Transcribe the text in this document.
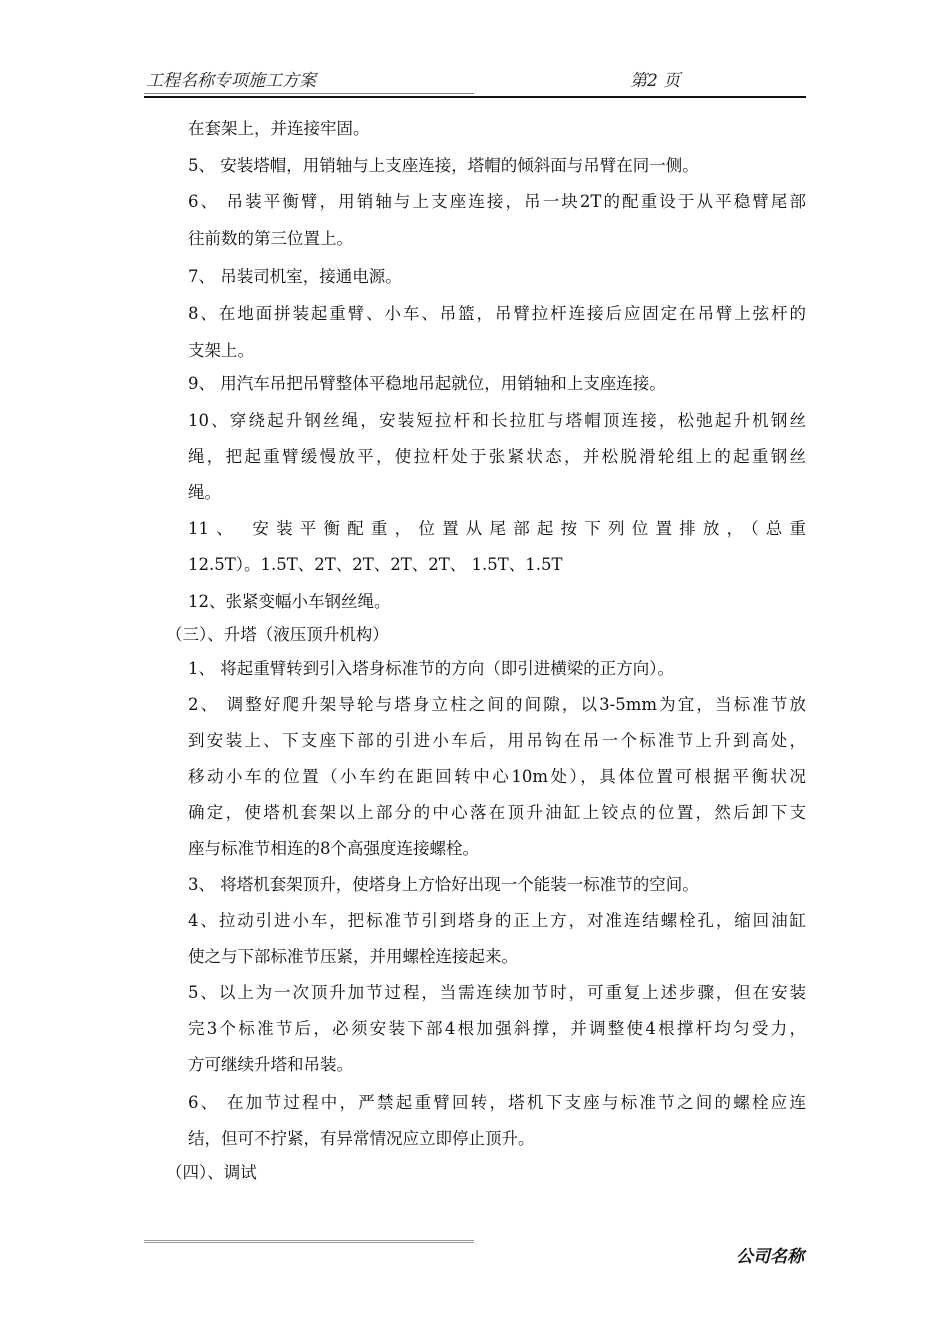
工程名称专项施工方案	第2 页
在套架上，并连接牢固。
5、 安装塔帽，用销轴与上支座连接，塔帽的倾斜面与吊臂在同一侧。
6、 吊装平衡臂，用销轴与上支座连接，吊一块2T的配重设于从平稳臂尾部
往前数的第三位置上。
7、 吊装司机室，接通电源。
8、在地面拼装起重臂、小车、吊篮，吊臂拉杆连接后应固定在吊臂上弦杆的
支架上。
9、 用汽车吊把吊臂整体平稳地吊起就位，用销轴和上支座连接。
10、穿绕起升钢丝绳，安装短拉杆和长拉肛与塔帽顶连接，松弛起升机钢丝
绳，把起重臂缓慢放平，使拉杆处于张紧状态，并松脱滑轮组上的起重钢丝
绳。
11、 安装平衡配重，位置从尾部起按下列位置排放，（总重
12.5T）。1.5T、2T、2T、2T、2T、 1.5T、1.5T
12、张紧变幅小车钢丝绳。
（三）、升塔（液压顶升机构）
1、 将起重臂转到引入塔身标准节的方向（即引进横梁的正方向）。
2、 调整好爬升架导轮与塔身立柱之间的间隙，以3-5mm为宜，当标准节放
到安装上、下支座下部的引进小车后，用吊钩在吊一个标准节上升到高处，
移动小车的位置（小车约在距回转中心10m处），具体位置可根据平衡状况
确定，使塔机套架以上部分的中心落在顶升油缸上铰点的位置，然后卸下支
座与标准节相连的8个高强度连接螺栓。
3、 将塔机套架顶升，使塔身上方恰好出现一个能装一标准节的空间。
4、拉动引进小车，把标准节引到塔身的正上方，对准连结螺栓孔，缩回油缸
使之与下部标准节压紧，并用螺栓连接起来。
5、以上为一次顶升加节过程，当需连续加节时，可重复上述步骤，但在安装
完3个标准节后，必须安装下部4根加强斜撑，并调整使4根撑杆均匀受力，
方可继续升塔和吊装。
6、 在加节过程中，严禁起重臂回转，塔机下支座与标准节之间的螺栓应连
结，但可不拧紧，有异常情况应立即停止顶升。
（四）、调试
公司名称
